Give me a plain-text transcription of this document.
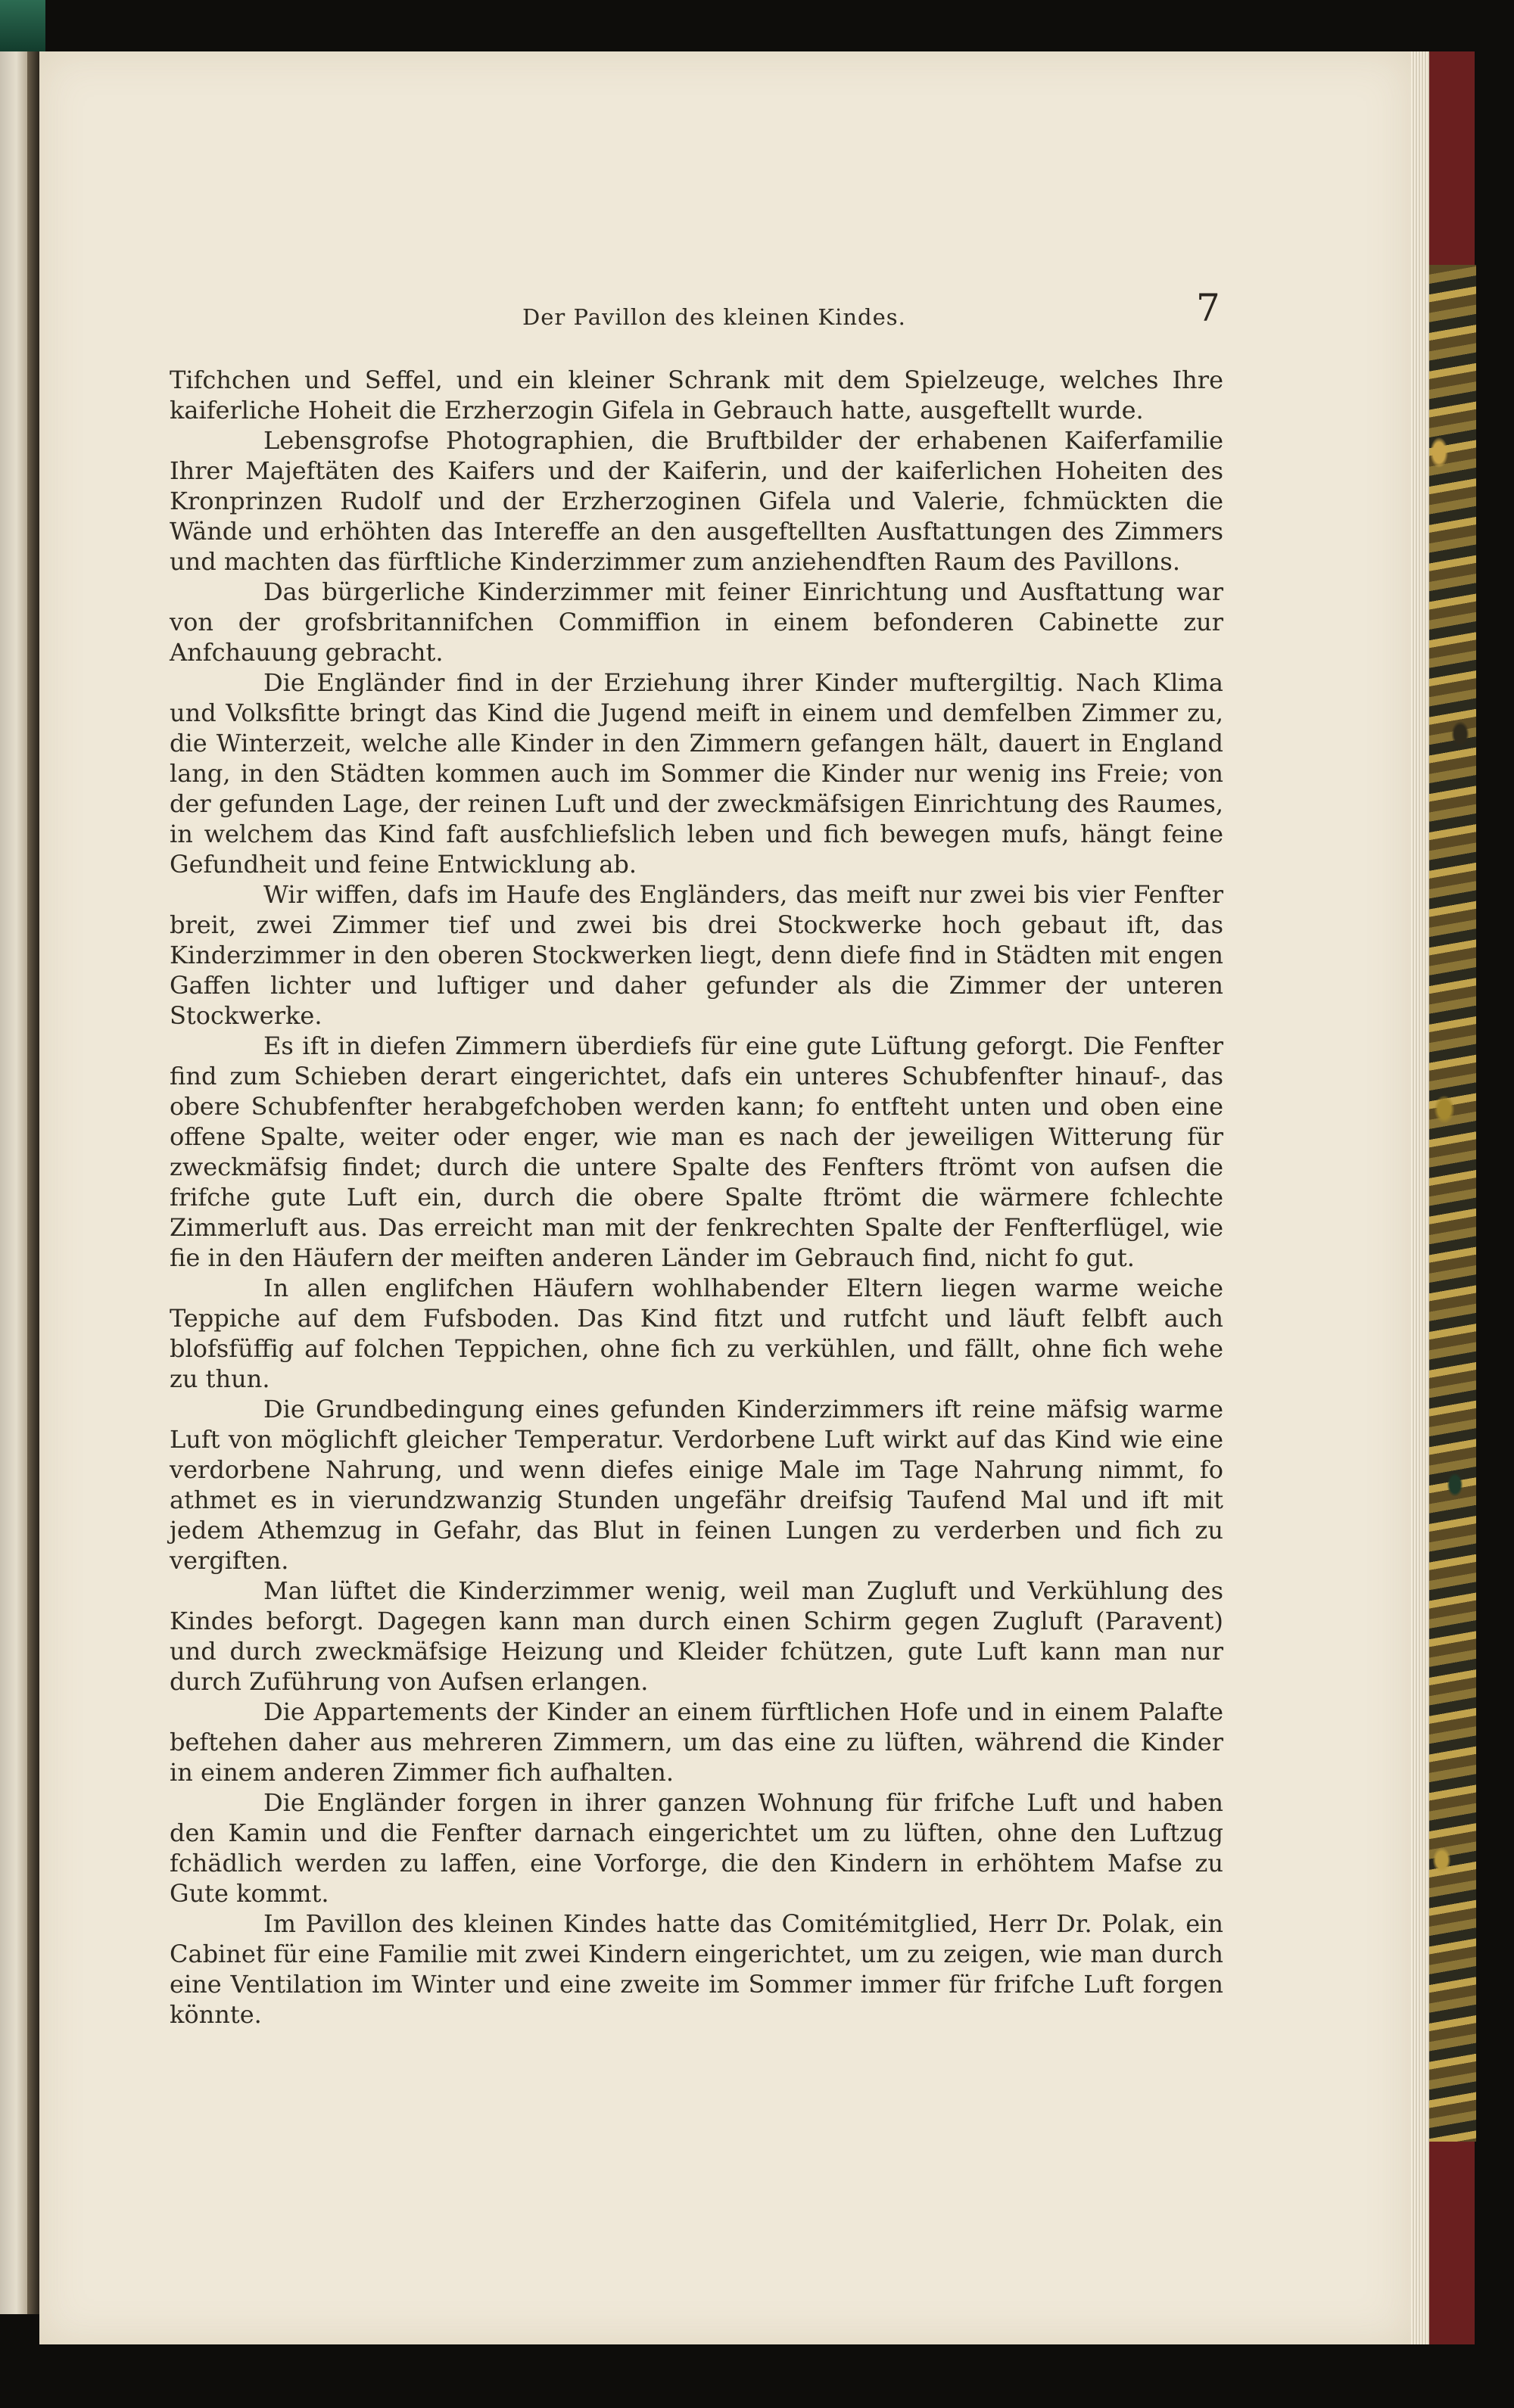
Der Pavillon des kleinen Kindes.	7

Tifchchen und Seffel, und ein kleiner Schrank mit dem Spielzeuge, welches Ihre kaiferliche Hoheit die Erzherzogin Gifela in Gebrauch hatte, ausgeftellt wurde.

Lebensgrofse Photographien, die Bruftbilder der erhabenen Kaiferfamilie Ihrer Majeftäten des Kaifers und der Kaiferin, und der kaiferlichen Hoheiten des Kronprinzen Rudolf und der Erzherzoginen Gifela und Valerie, fchmückten die Wände und erhöhten das Intereffe an den ausgeftellten Ausftattungen des Zimmers und machten das fürftliche Kinderzimmer zum anziehendften Raum des Pavillons.

Das bürgerliche Kinderzimmer mit feiner Einrichtung und Ausftattung war von der grofsbritannifchen Commiffion in einem befonderen Cabinette zur Anfchauung gebracht.

Die Engländer find in der Erziehung ihrer Kinder muftergiltig. Nach Klima und Volksfitte bringt das Kind die Jugend meift in einem und demfelben Zimmer zu, die Winterzeit, welche alle Kinder in den Zimmern gefangen hält, dauert in England lang, in den Städten kommen auch im Sommer die Kinder nur wenig ins Freie; von der gefunden Lage, der reinen Luft und der zweckmäfsigen Einrichtung des Raumes, in welchem das Kind faft ausfchliefslich leben und fich bewegen mufs, hängt feine Gefundheit und feine Entwicklung ab.

Wir wiffen, dafs im Haufe des Engländers, das meift nur zwei bis vier Fenfter breit, zwei Zimmer tief und zwei bis drei Stockwerke hoch gebaut ift, das Kinderzimmer in den oberen Stockwerken liegt, denn diefe find in Städten mit engen Gaffen lichter und luftiger und daher gefunder als die Zimmer der unteren Stockwerke.

Es ift in diefen Zimmern überdiefs für eine gute Lüftung geforgt. Die Fenfter find zum Schieben derart eingerichtet, dafs ein unteres Schubfenfter hinauf-, das obere Schubfenfter herabgefchoben werden kann; fo entfteht unten und oben eine offene Spalte, weiter oder enger, wie man es nach der jeweiligen Witterung für zweckmäfsig findet; durch die untere Spalte des Fenfters ftrömt von aufsen die frifche gute Luft ein, durch die obere Spalte ftrömt die wärmere fchlechte Zimmerluft aus. Das erreicht man mit der fenkrechten Spalte der Fenfterflügel, wie fie in den Häufern der meiften anderen Länder im Gebrauch find, nicht fo gut.

In allen englifchen Häufern wohlhabender Eltern liegen warme weiche Teppiche auf dem Fufsboden. Das Kind fitzt und rutfcht und läuft felbft auch blofsfüffig auf folchen Teppichen, ohne fich zu verkühlen, und fällt, ohne fich wehe zu thun.

Die Grundbedingung eines gefunden Kinderzimmers ift reine mäfsig warme Luft von möglichft gleicher Temperatur. Verdorbene Luft wirkt auf das Kind wie eine verdorbene Nahrung, und wenn diefes einige Male im Tage Nahrung nimmt, fo athmet es in vierundzwanzig Stunden ungefähr dreifsig Taufend Mal und ift mit jedem Athemzug in Gefahr, das Blut in feinen Lungen zu verderben und fich zu vergiften.

Man lüftet die Kinderzimmer wenig, weil man Zugluft und Verkühlung des Kindes beforgt. Dagegen kann man durch einen Schirm gegen Zugluft (Paravent) und durch zweckmäfsige Heizung und Kleider fchützen, gute Luft kann man nur durch Zuführung von Aufsen erlangen.

Die Appartements der Kinder an einem fürftlichen Hofe und in einem Palafte beftehen daher aus mehreren Zimmern, um das eine zu lüften, während die Kinder in einem anderen Zimmer fich aufhalten.

Die Engländer forgen in ihrer ganzen Wohnung für frifche Luft und haben den Kamin und die Fenfter darnach eingerichtet um zu lüften, ohne den Luftzug fchädlich werden zu laffen, eine Vorforge, die den Kindern in erhöhtem Mafse zu Gute kommt.

Im Pavillon des kleinen Kindes hatte das Comitémitglied, Herr Dr. Polak, ein Cabinet für eine Familie mit zwei Kindern eingerichtet, um zu zeigen, wie man durch eine Ventilation im Winter und eine zweite im Sommer immer für frifche Luft forgen könnte.
